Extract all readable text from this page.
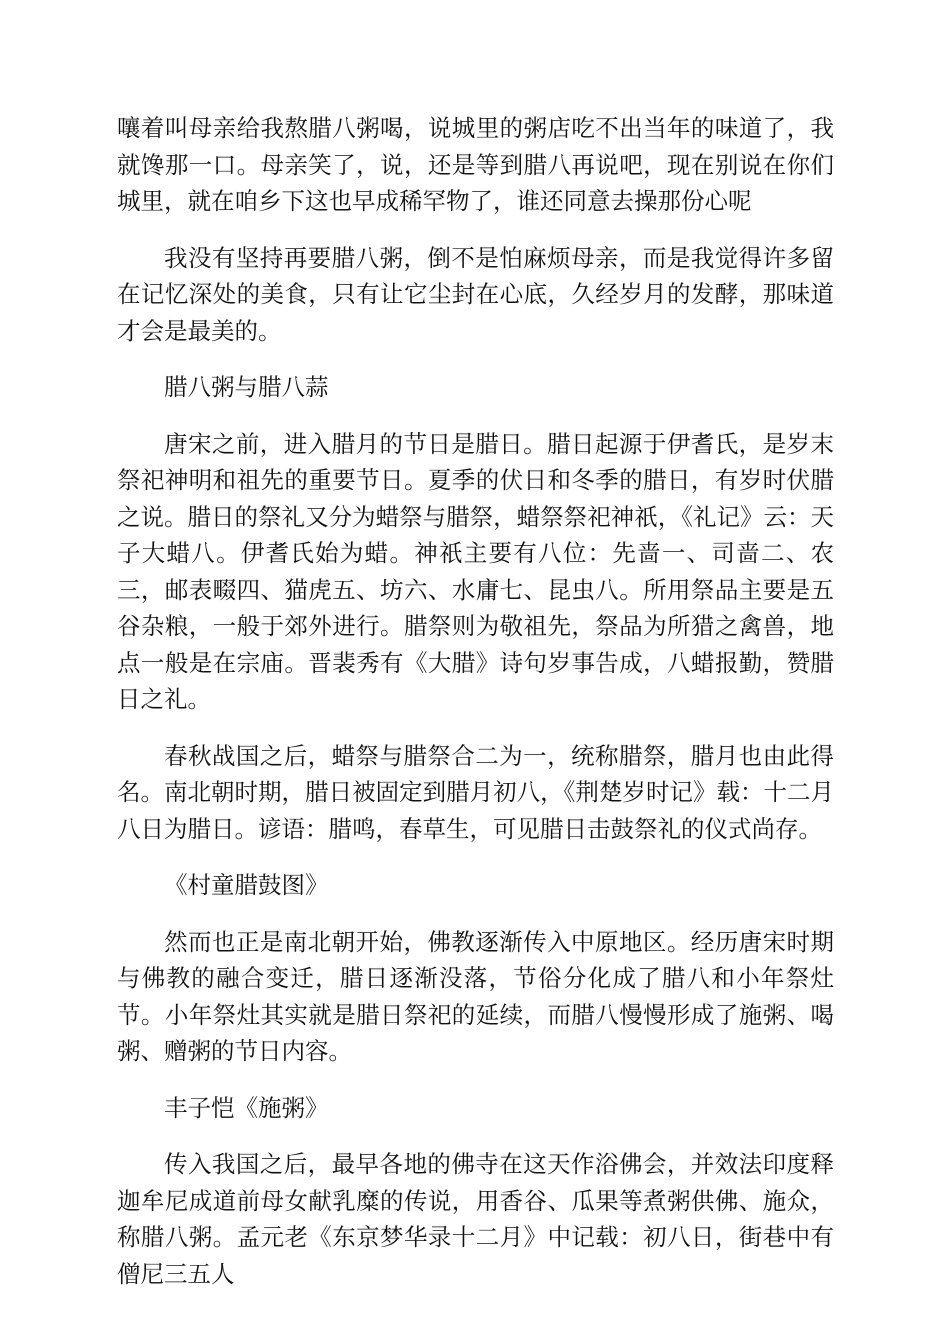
嚷着叫母亲给我熬腊八粥喝，说城里的粥店吃不出当年的味道了，我就馋那一口。母亲笑了，说，还是等到腊八再说吧，现在别说在你们城里，就在咱乡下这也早成稀罕物了，谁还同意去操那份心呢

我没有坚持再要腊八粥，倒不是怕麻烦母亲，而是我觉得许多留在记忆深处的美食，只有让它尘封在心底，久经岁月的发酵，那味道才会是最美的。

腊八粥与腊八蒜

唐宋之前，进入腊月的节日是腊日。腊日起源于伊耆氏，是岁末祭祀神明和祖先的重要节日。夏季的伏日和冬季的腊日，有岁时伏腊之说。腊日的祭礼又分为蜡祭与腊祭，蜡祭祭祀神祇，《礼记》云：天子大蜡八。伊耆氏始为蜡。神祇主要有八位：先啬一、司啬二、农三，邮表畷四、猫虎五、坊六、水庸七、昆虫八。所用祭品主要是五谷杂粮，一般于郊外进行。腊祭则为敬祖先，祭品为所猎之禽兽，地点一般是在宗庙。晋裴秀有《大腊》诗句岁事告成，八蜡报勤，赞腊日之礼。

春秋战国之后，蜡祭与腊祭合二为一，统称腊祭，腊月也由此得名。南北朝时期，腊日被固定到腊月初八，《荆楚岁时记》载：十二月八日为腊日。谚语：腊鸣，春草生，可见腊日击鼓祭礼的仪式尚存。

《村童腊鼓图》

然而也正是南北朝开始，佛教逐渐传入中原地区。经历唐宋时期与佛教的融合变迁，腊日逐渐没落，节俗分化成了腊八和小年祭灶节。小年祭灶其实就是腊日祭祀的延续，而腊八慢慢形成了施粥、喝粥、赠粥的节日内容。

丰子恺《施粥》

传入我国之后，最早各地的佛寺在这天作浴佛会，并效法印度释迦牟尼成道前母女献乳糜的传说，用香谷、瓜果等煮粥供佛、施众，称腊八粥。孟元老《东京梦华录十二月》中记载：初八日，街巷中有僧尼三五人
